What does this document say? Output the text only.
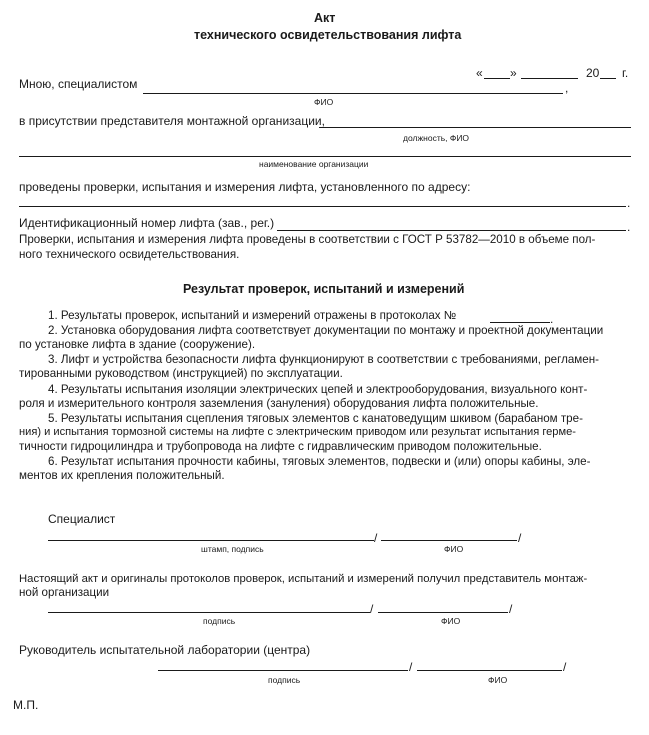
Акт
технического освидетельствования лифта
« »	20 г.
Мною, специалистом	,
ФИО
в присутствии представителя монтажной организации,
должность, ФИО
наименование организации
проведены проверки, испытания и измерения лифта, установленного по адресу:
.
Идентификационный номер лифта (зав., рег.)	.
Проверки, испытания и измерения лифта проведены в соответствии с ГОСТ Р 53782—2010 в объеме пол-
ного технического освидетельствования.
Результат проверок, испытаний и измерений
1. Результаты проверок, испытаний и измерений отражены в протоколах №	.
2. Установка оборудования лифта соответствует документации по монтажу и проектной документации
по установке лифта в здание (сооружение).
3. Лифт и устройства безопасности лифта функционируют в соответствии с требованиями, регламен-
тированными руководством (инструкцией) по эксплуатации.
4. Результаты испытания изоляции электрических цепей и электрооборудования, визуального конт-
роля и измерительного контроля заземления (зануления) оборудования лифта положительные.
5. Результаты испытания сцепления тяговых элементов с канатоведущим шкивом (барабаном тре-
ния) и испытания тормозной системы на лифте с электрическим приводом или результат испытания герме-
тичности гидроцилиндра и трубопровода на лифте с гидравлическим приводом положительные.
6. Результат испытания прочности кабины, тяговых элементов, подвески и (или) опоры кабины, эле-
ментов их крепления положительный.
Специалист
/	/
штамп, подпись	ФИО
Настоящий акт и оригиналы протоколов проверок, испытаний и измерений получил представитель монтаж-
ной организации
/	/
подпись	ФИО
Руководитель испытательной лаборатории (центра)
/	/
подпись	ФИО
М.П.
